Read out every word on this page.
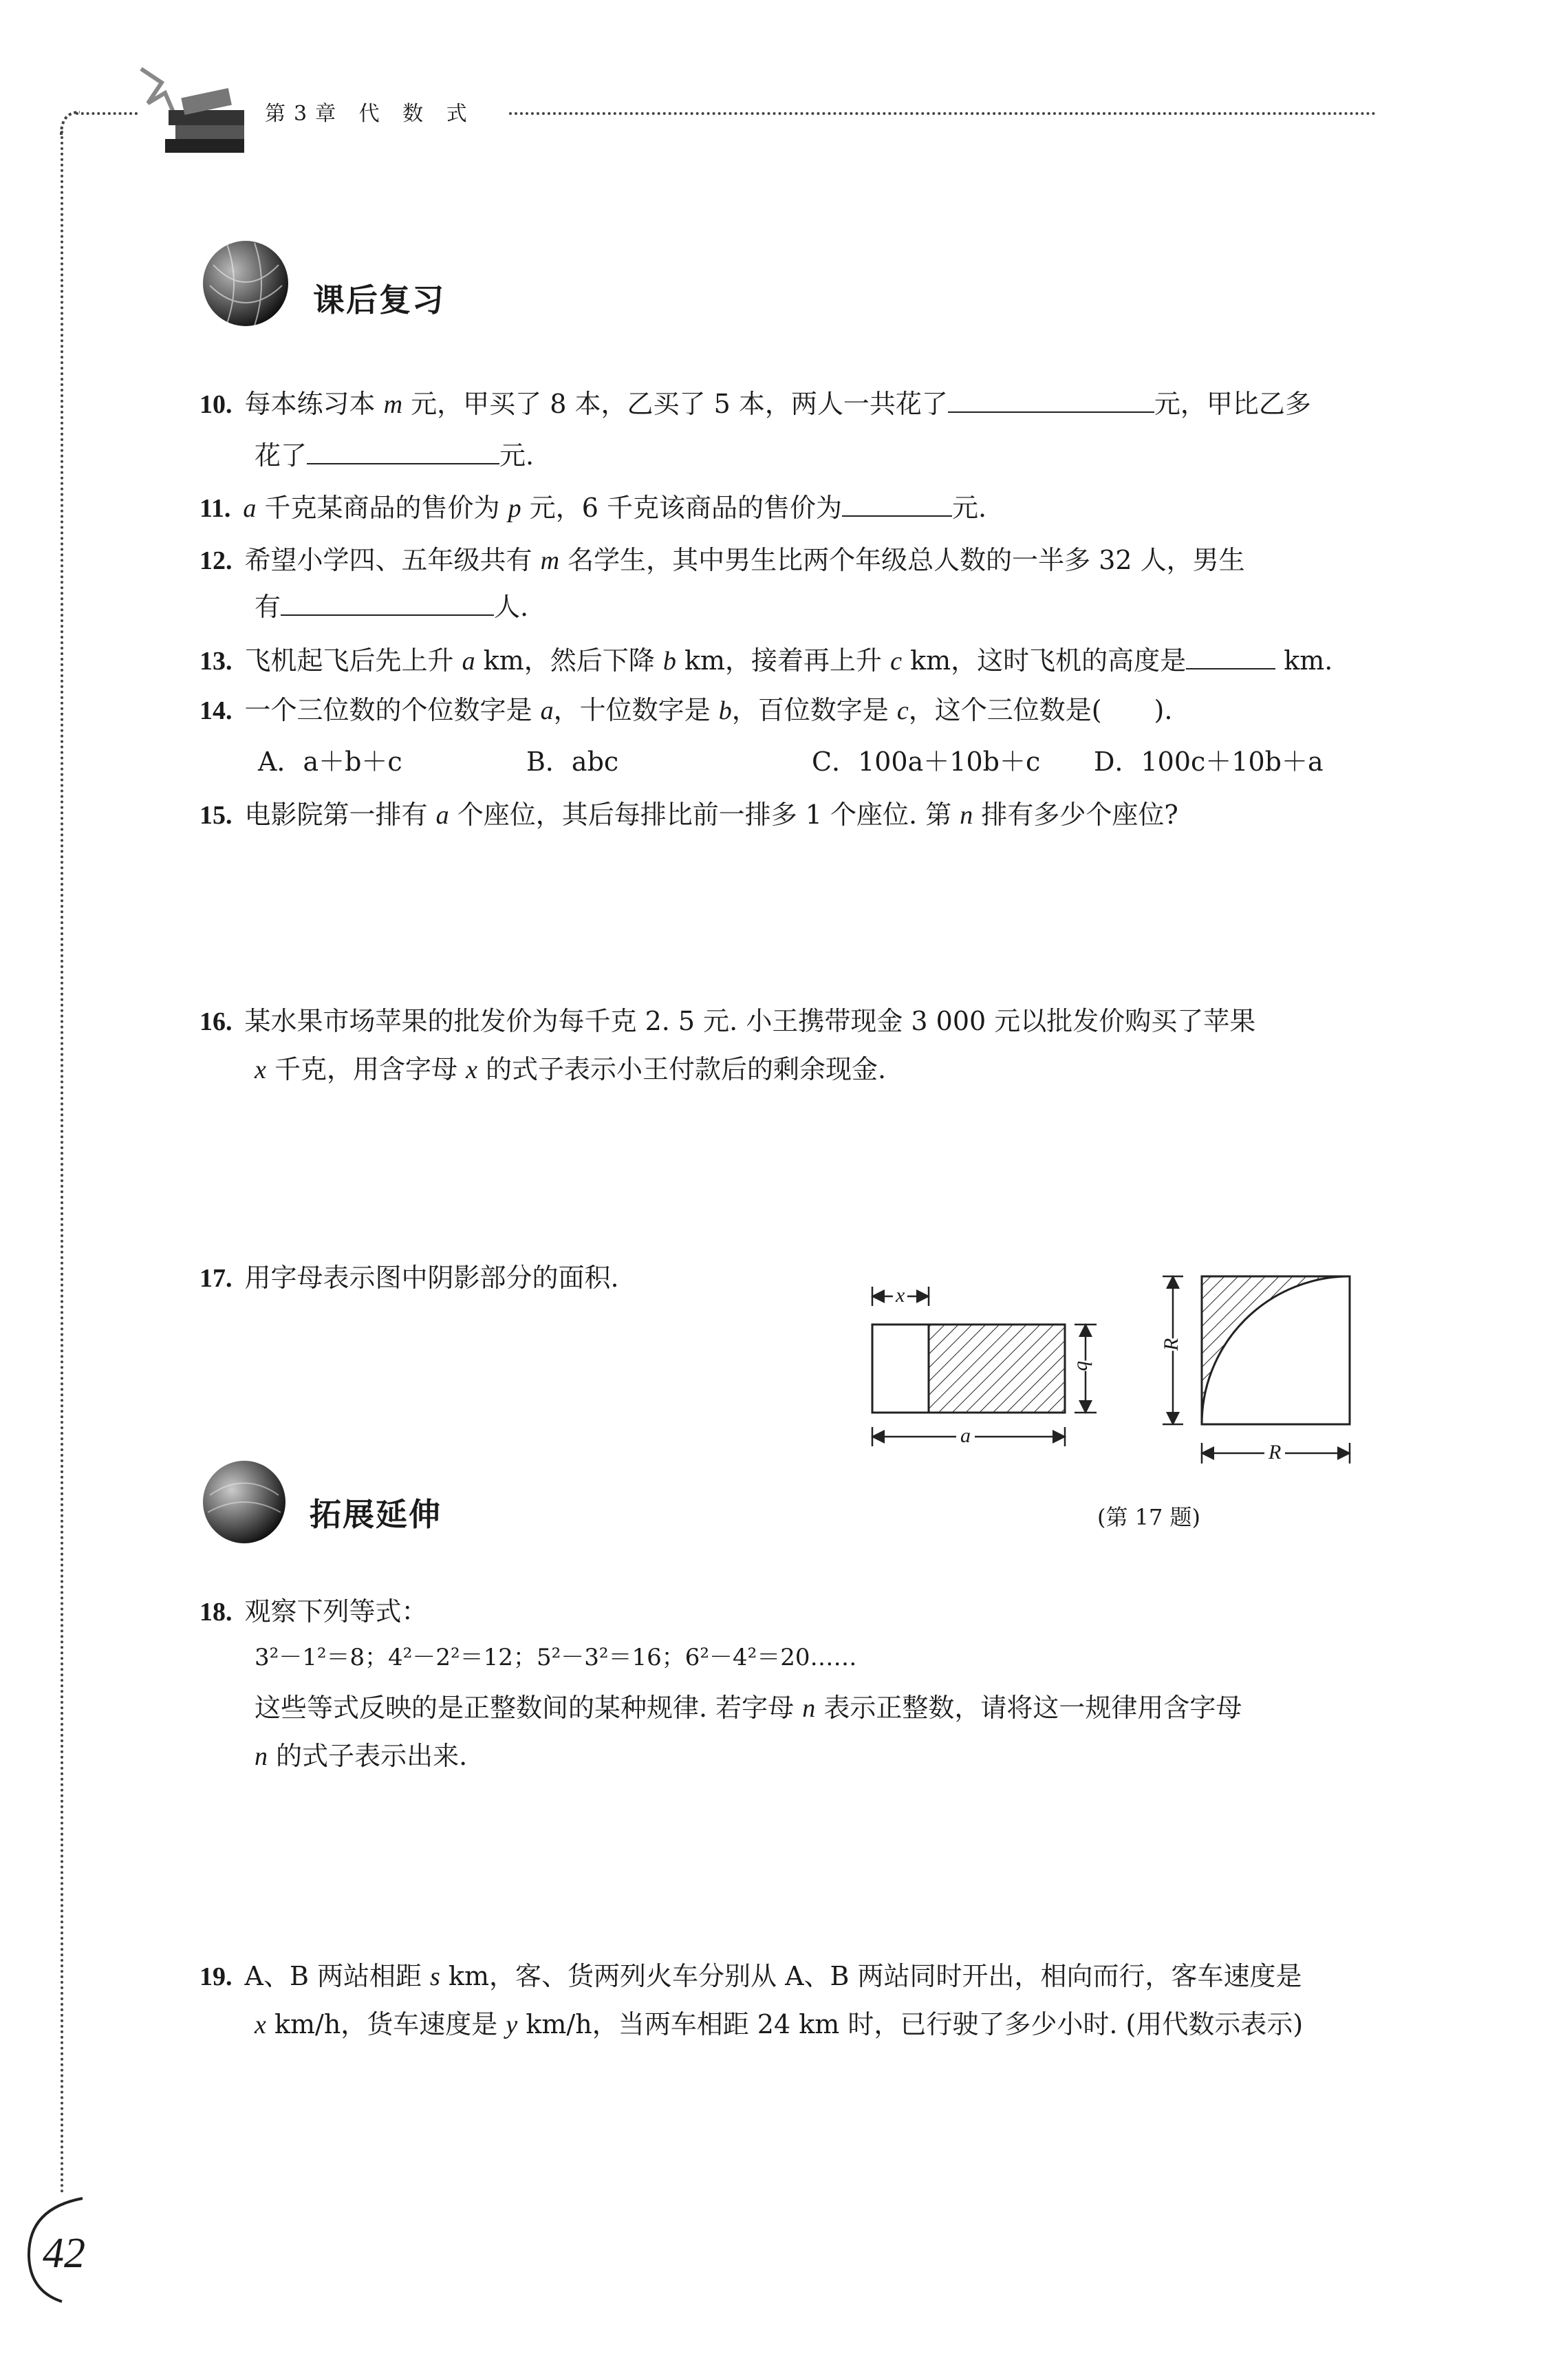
第3章 代 数 式
课后复习
10. 每本练习本 m 元，甲买了 8 本，乙买了 5 本，两人一共花了	元，甲比乙多
花了	元.
11. a 千克某商品的售价为 p 元，6 千克该商品的售价为	元.
12. 希望小学四、五年级共有 m 名学生，其中男生比两个年级总人数的一半多 32 人，男生
有	人.
13. 飞机起飞后先上升 a km，然后下降 b km，接着再上升 c km，这时飞机的高度是	km.
14. 一个三位数的个位数字是 a，十位数字是 b，百位数字是 c，这个三位数是(　　).
A．a＋b＋c	B．abc	C．100a＋10b＋c D．100c＋10b＋a
15. 电影院第一排有 a 个座位，其后每排比前一排多 1 个座位. 第 n 排有多少个座位?
16. 某水果市场苹果的批发价为每千克 2. 5 元. 小王携带现金 3 000 元以批发价购买了苹果
x 千克，用含字母 x 的式子表示小王付款后的剩余现金.
17. 用字母表示图中阴影部分的面积.
x
b
a
R
R
(第 17 题)
拓展延伸
18. 观察下列等式：
3²－1²＝8；4²－2²＝12；5²－3²＝16；6²－4²＝20……
这些等式反映的是正整数间的某种规律. 若字母 n 表示正整数，请将这一规律用含字母
n 的式子表示出来.
19. A、B 两站相距 s km，客、货两列火车分别从 A、B 两站同时开出，相向而行，客车速度是
x km/h，货车速度是 y km/h，当两车相距 24 km 时，已行驶了多少小时. (用代数示表示)
42
